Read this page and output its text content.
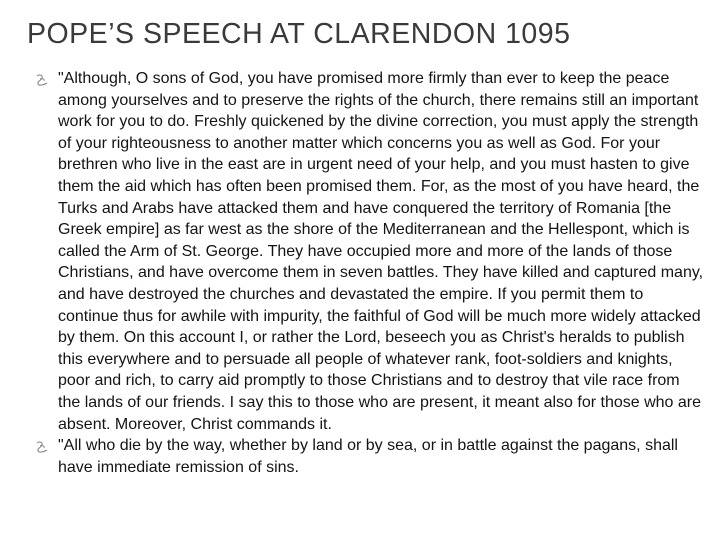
POPE’S SPEECH AT CLARENDON 1095
"Although, O sons of God, you have promised more firmly than ever to keep the peace among yourselves and to preserve the rights of the church, there remains still an important work for you to do. Freshly quickened by the divine correction, you must apply the strength of your righteousness to another matter which concerns you as well as God. For your brethren who live in the east are in urgent need of your help, and you must hasten to give them the aid which has often been promised them. For, as the most of you have heard, the Turks and Arabs have attacked them and have conquered the territory of Romania [the Greek empire] as far west as the shore of the Mediterranean and the Hellespont, which is called the Arm of St. George. They have occupied more and more of the lands of those Christians, and have overcome them in seven battles. They have killed and captured many, and have destroyed the churches and devastated the empire. If you permit them to continue thus for awhile with impurity, the faithful of God will be much more widely attacked by them. On this account I, or rather the Lord, beseech you as Christ's heralds to publish this everywhere and to persuade all people of whatever rank, foot-soldiers and knights, poor and rich, to carry aid promptly to those Christians and to destroy that vile race from the lands of our friends. I say this to those who are present, it meant also for those who are absent. Moreover, Christ commands it.
"All who die by the way, whether by land or by sea, or in battle against the pagans, shall have immediate remission of sins.
